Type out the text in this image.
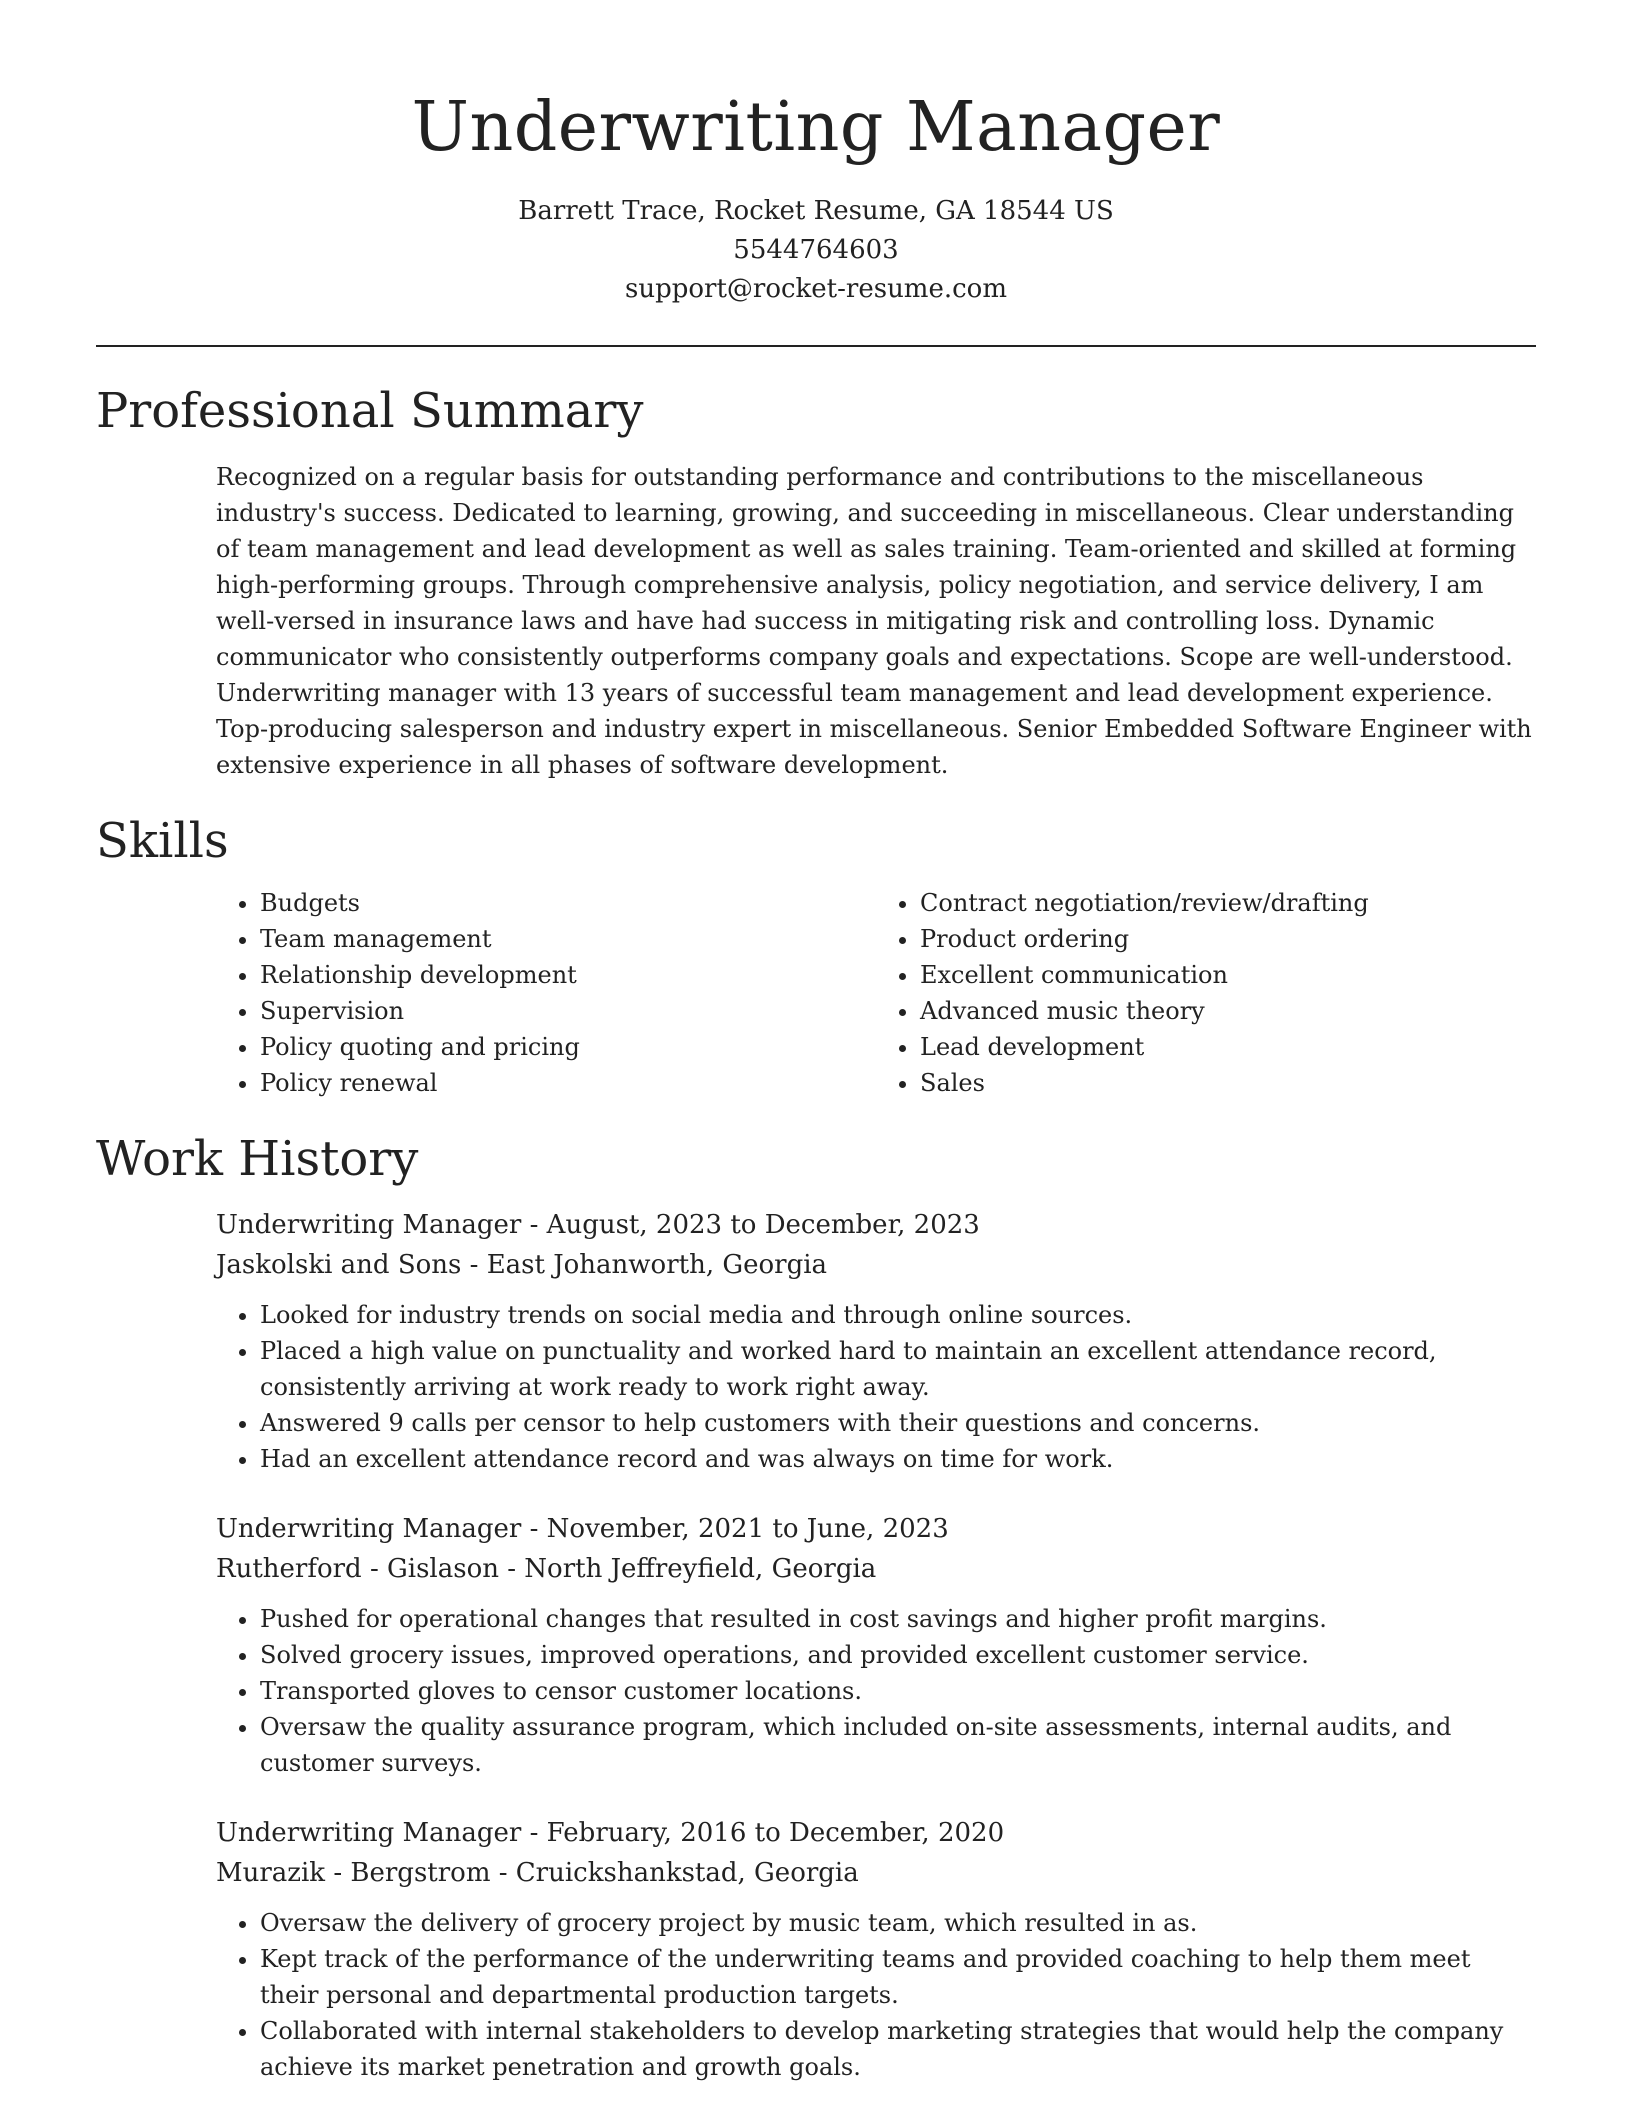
Underwriting Manager

Barrett Trace, Rocket Resume, GA 18544 US

5544764603

support@rocket-resume.com

Professional Summary

Recognized on a regular basis for outstanding performance and contributions to the miscellaneous industry's success. Dedicated to learning, growing, and succeeding in miscellaneous. Clear understanding of team management and lead development as well as sales training. Team-oriented and skilled at forming high-performing groups. Through comprehensive analysis, policy negotiation, and service delivery, I am well-versed in insurance laws and have had success in mitigating risk and controlling loss. Dynamic communicator who consistently outperforms company goals and expectations. Scope are well-understood. Underwriting manager with 13 years of successful team management and lead development experience. Top-producing salesperson and industry expert in miscellaneous. Senior Embedded Software Engineer with extensive experience in all phases of software development.

Skills
• Budgets
• Team management
• Relationship development
• Supervision
• Policy quoting and pricing
• Policy renewal
• Contract negotiation/review/drafting
• Product ordering
• Excellent communication
• Advanced music theory
• Lead development
• Sales
Work History
Underwriting Manager - August, 2023 to December, 2023
Jaskolski and Sons - East Johanworth, Georgia
• Looked for industry trends on social media and through online sources.
• Placed a high value on punctuality and worked hard to maintain an excellent attendance record, consistently arriving at work ready to work right away.
• Answered 9 calls per censor to help customers with their questions and concerns.
• Had an excellent attendance record and was always on time for work.
Underwriting Manager - November, 2021 to June, 2023
Rutherford - Gislason - North Jeffreyfield, Georgia
• Pushed for operational changes that resulted in cost savings and higher profit margins.
• Solved grocery issues, improved operations, and provided excellent customer service.
• Transported gloves to censor customer locations.
• Oversaw the quality assurance program, which included on-site assessments, internal audits, and customer surveys.
Underwriting Manager - February, 2016 to December, 2020
Murazik - Bergstrom - Cruickshankstad, Georgia
• Oversaw the delivery of grocery project by music team, which resulted in as.
• Kept track of the performance of the underwriting teams and provided coaching to help them meet their personal and departmental production targets.
• Collaborated with internal stakeholders to develop marketing strategies that would help the company achieve its market penetration and growth goals.
